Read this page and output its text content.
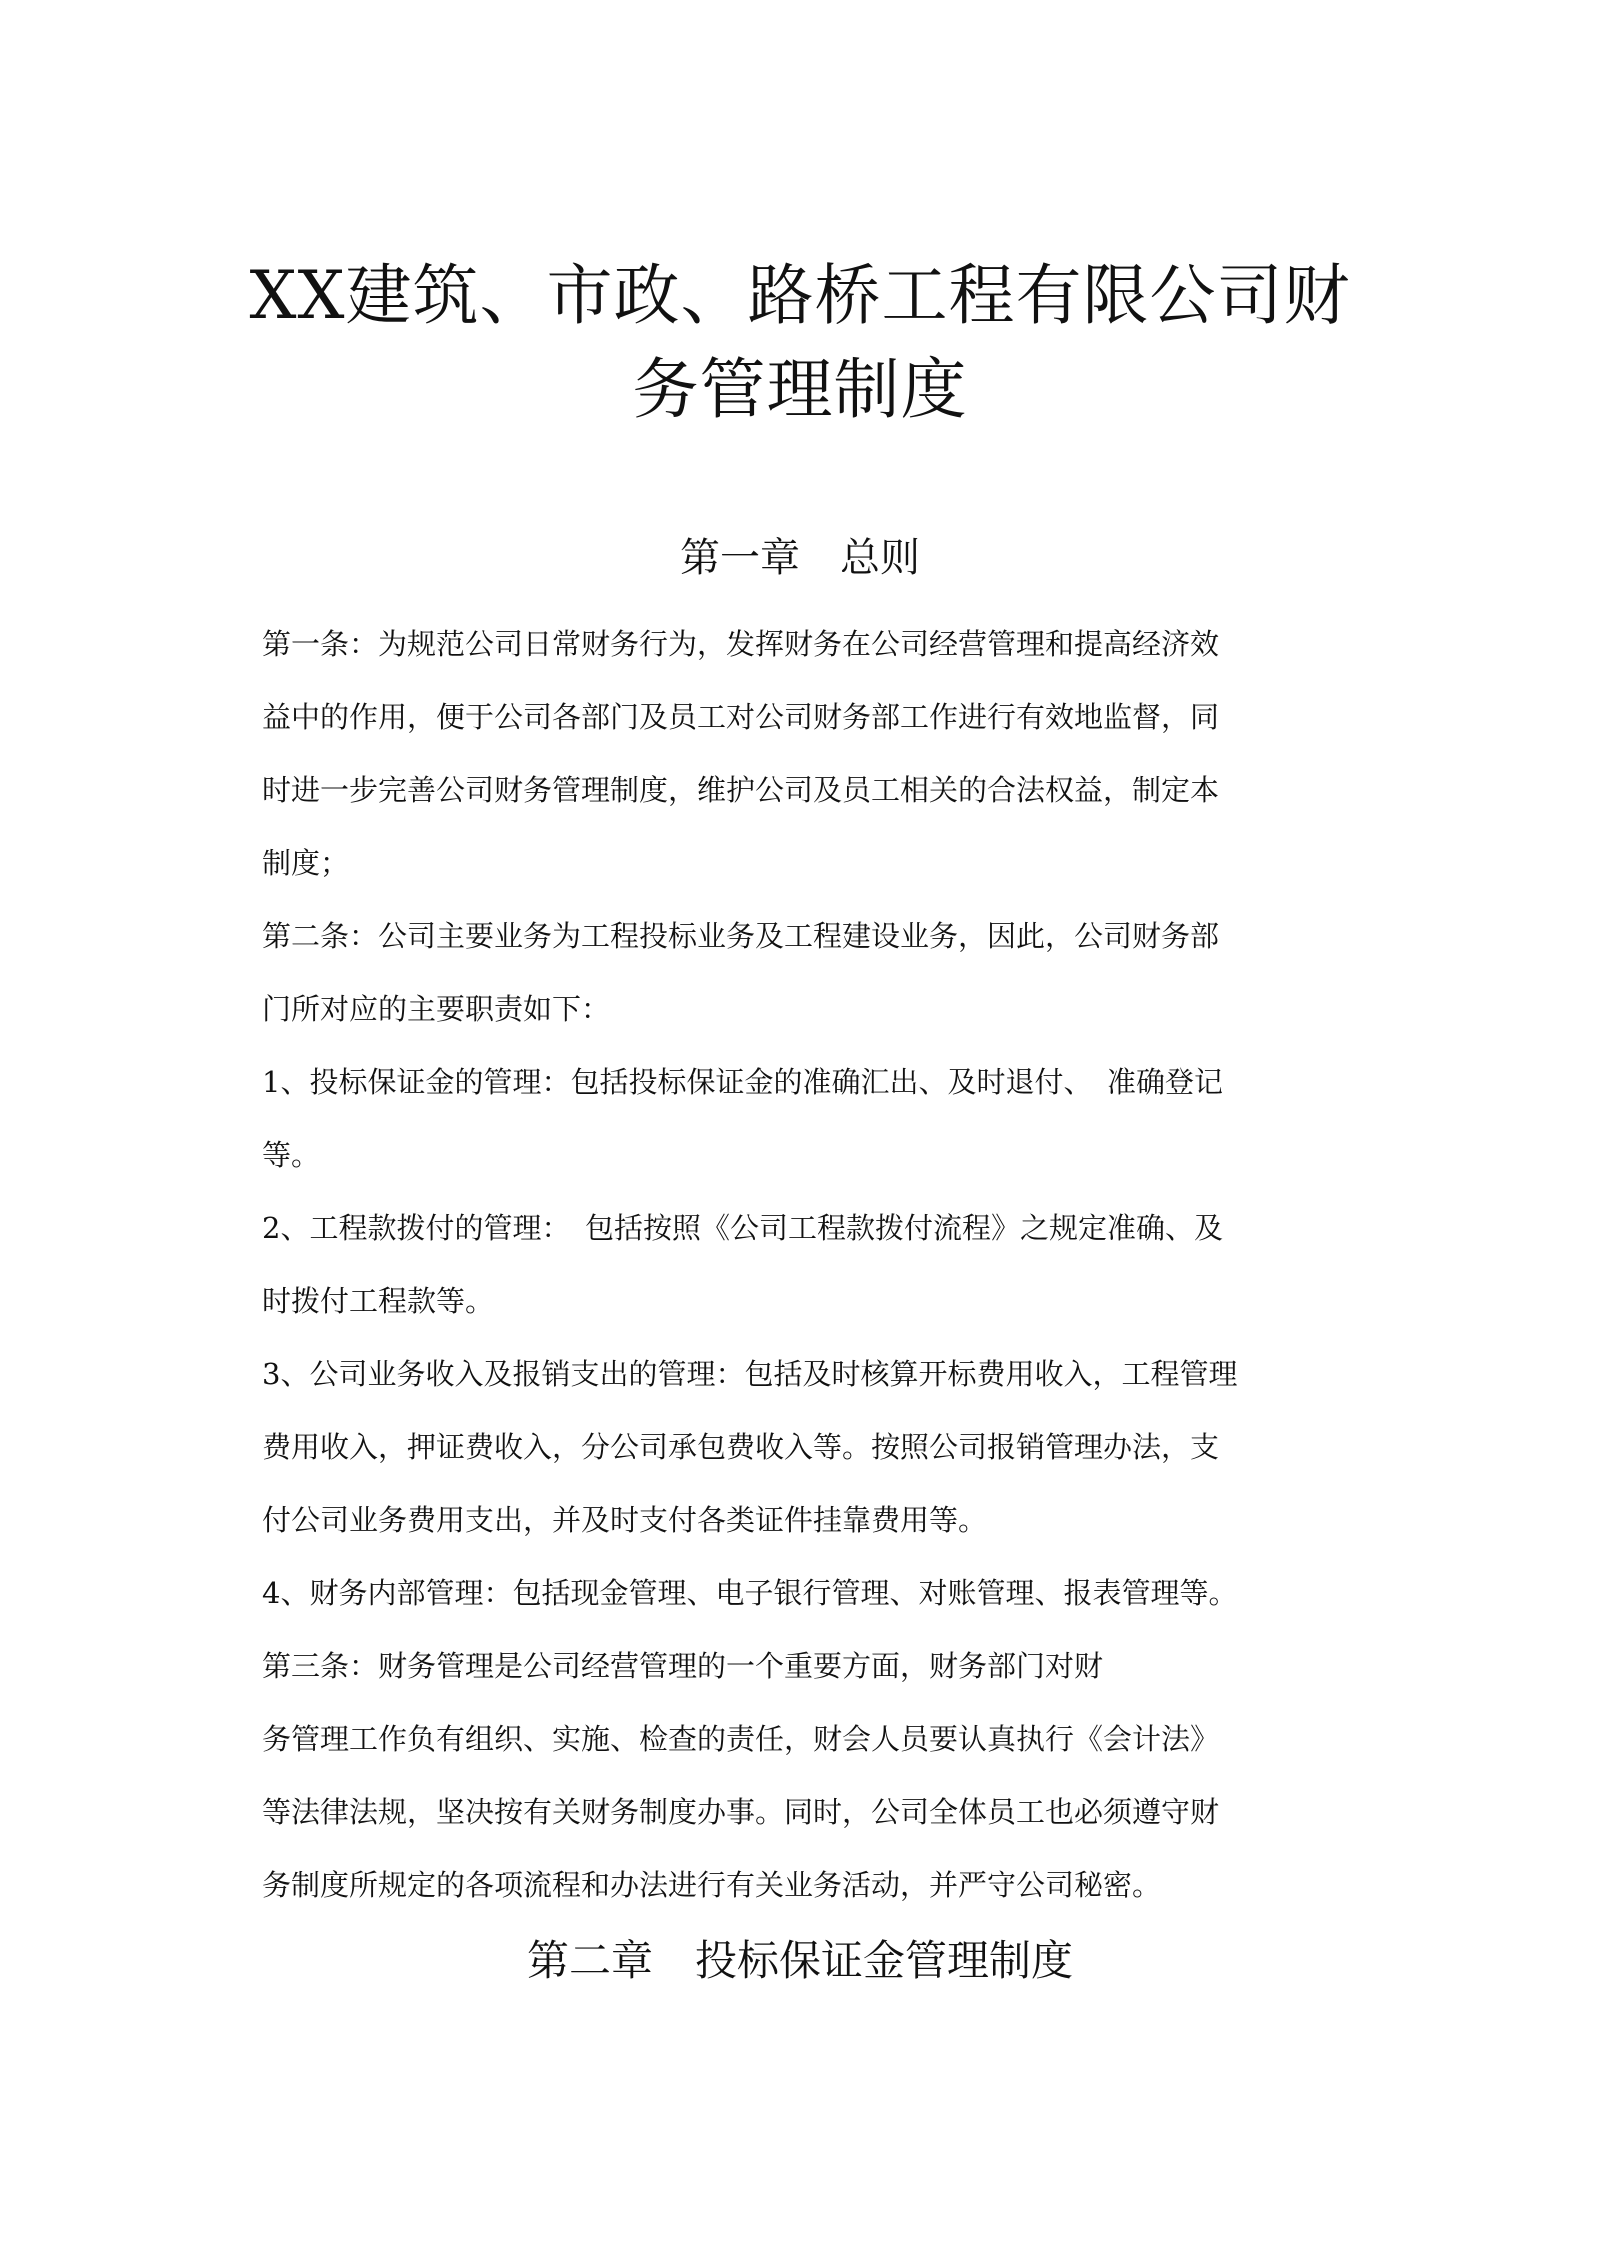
XX建筑、市政、路桥工程有限公司财
务管理制度
第一章　总则
第一条：为规范公司日常财务行为，发挥财务在公司经营管理和提高经济效
益中的作用，便于公司各部门及员工对公司财务部工作进行有效地监督，同
时进一步完善公司财务管理制度，维护公司及员工相关的合法权益，制定本
制度；
第二条：公司主要业务为工程投标业务及工程建设业务，因此，公司财务部
门所对应的主要职责如下：
1、投标保证金的管理：包括投标保证金的准确汇出、及时退付、　准确登记
等。
2、工程款拨付的管理：　包括按照《公司工程款拨付流程》之规定准确、及
时拨付工程款等。
3、公司业务收入及报销支出的管理：包括及时核算开标费用收入，工程管理
费用收入，押证费收入，分公司承包费收入等。按照公司报销管理办法，支
付公司业务费用支出，并及时支付各类证件挂靠费用等。
4、财务内部管理：包括现金管理、电子银行管理、对账管理、报表管理等。
第三条：财务管理是公司经营管理的一个重要方面，财务部门对财
务管理工作负有组织、实施、检查的责任，财会人员要认真执行《会计法》
等法律法规，坚决按有关财务制度办事。同时，公司全体员工也必须遵守财
务制度所规定的各项流程和办法进行有关业务活动，并严守公司秘密。
第二章　投标保证金管理制度
